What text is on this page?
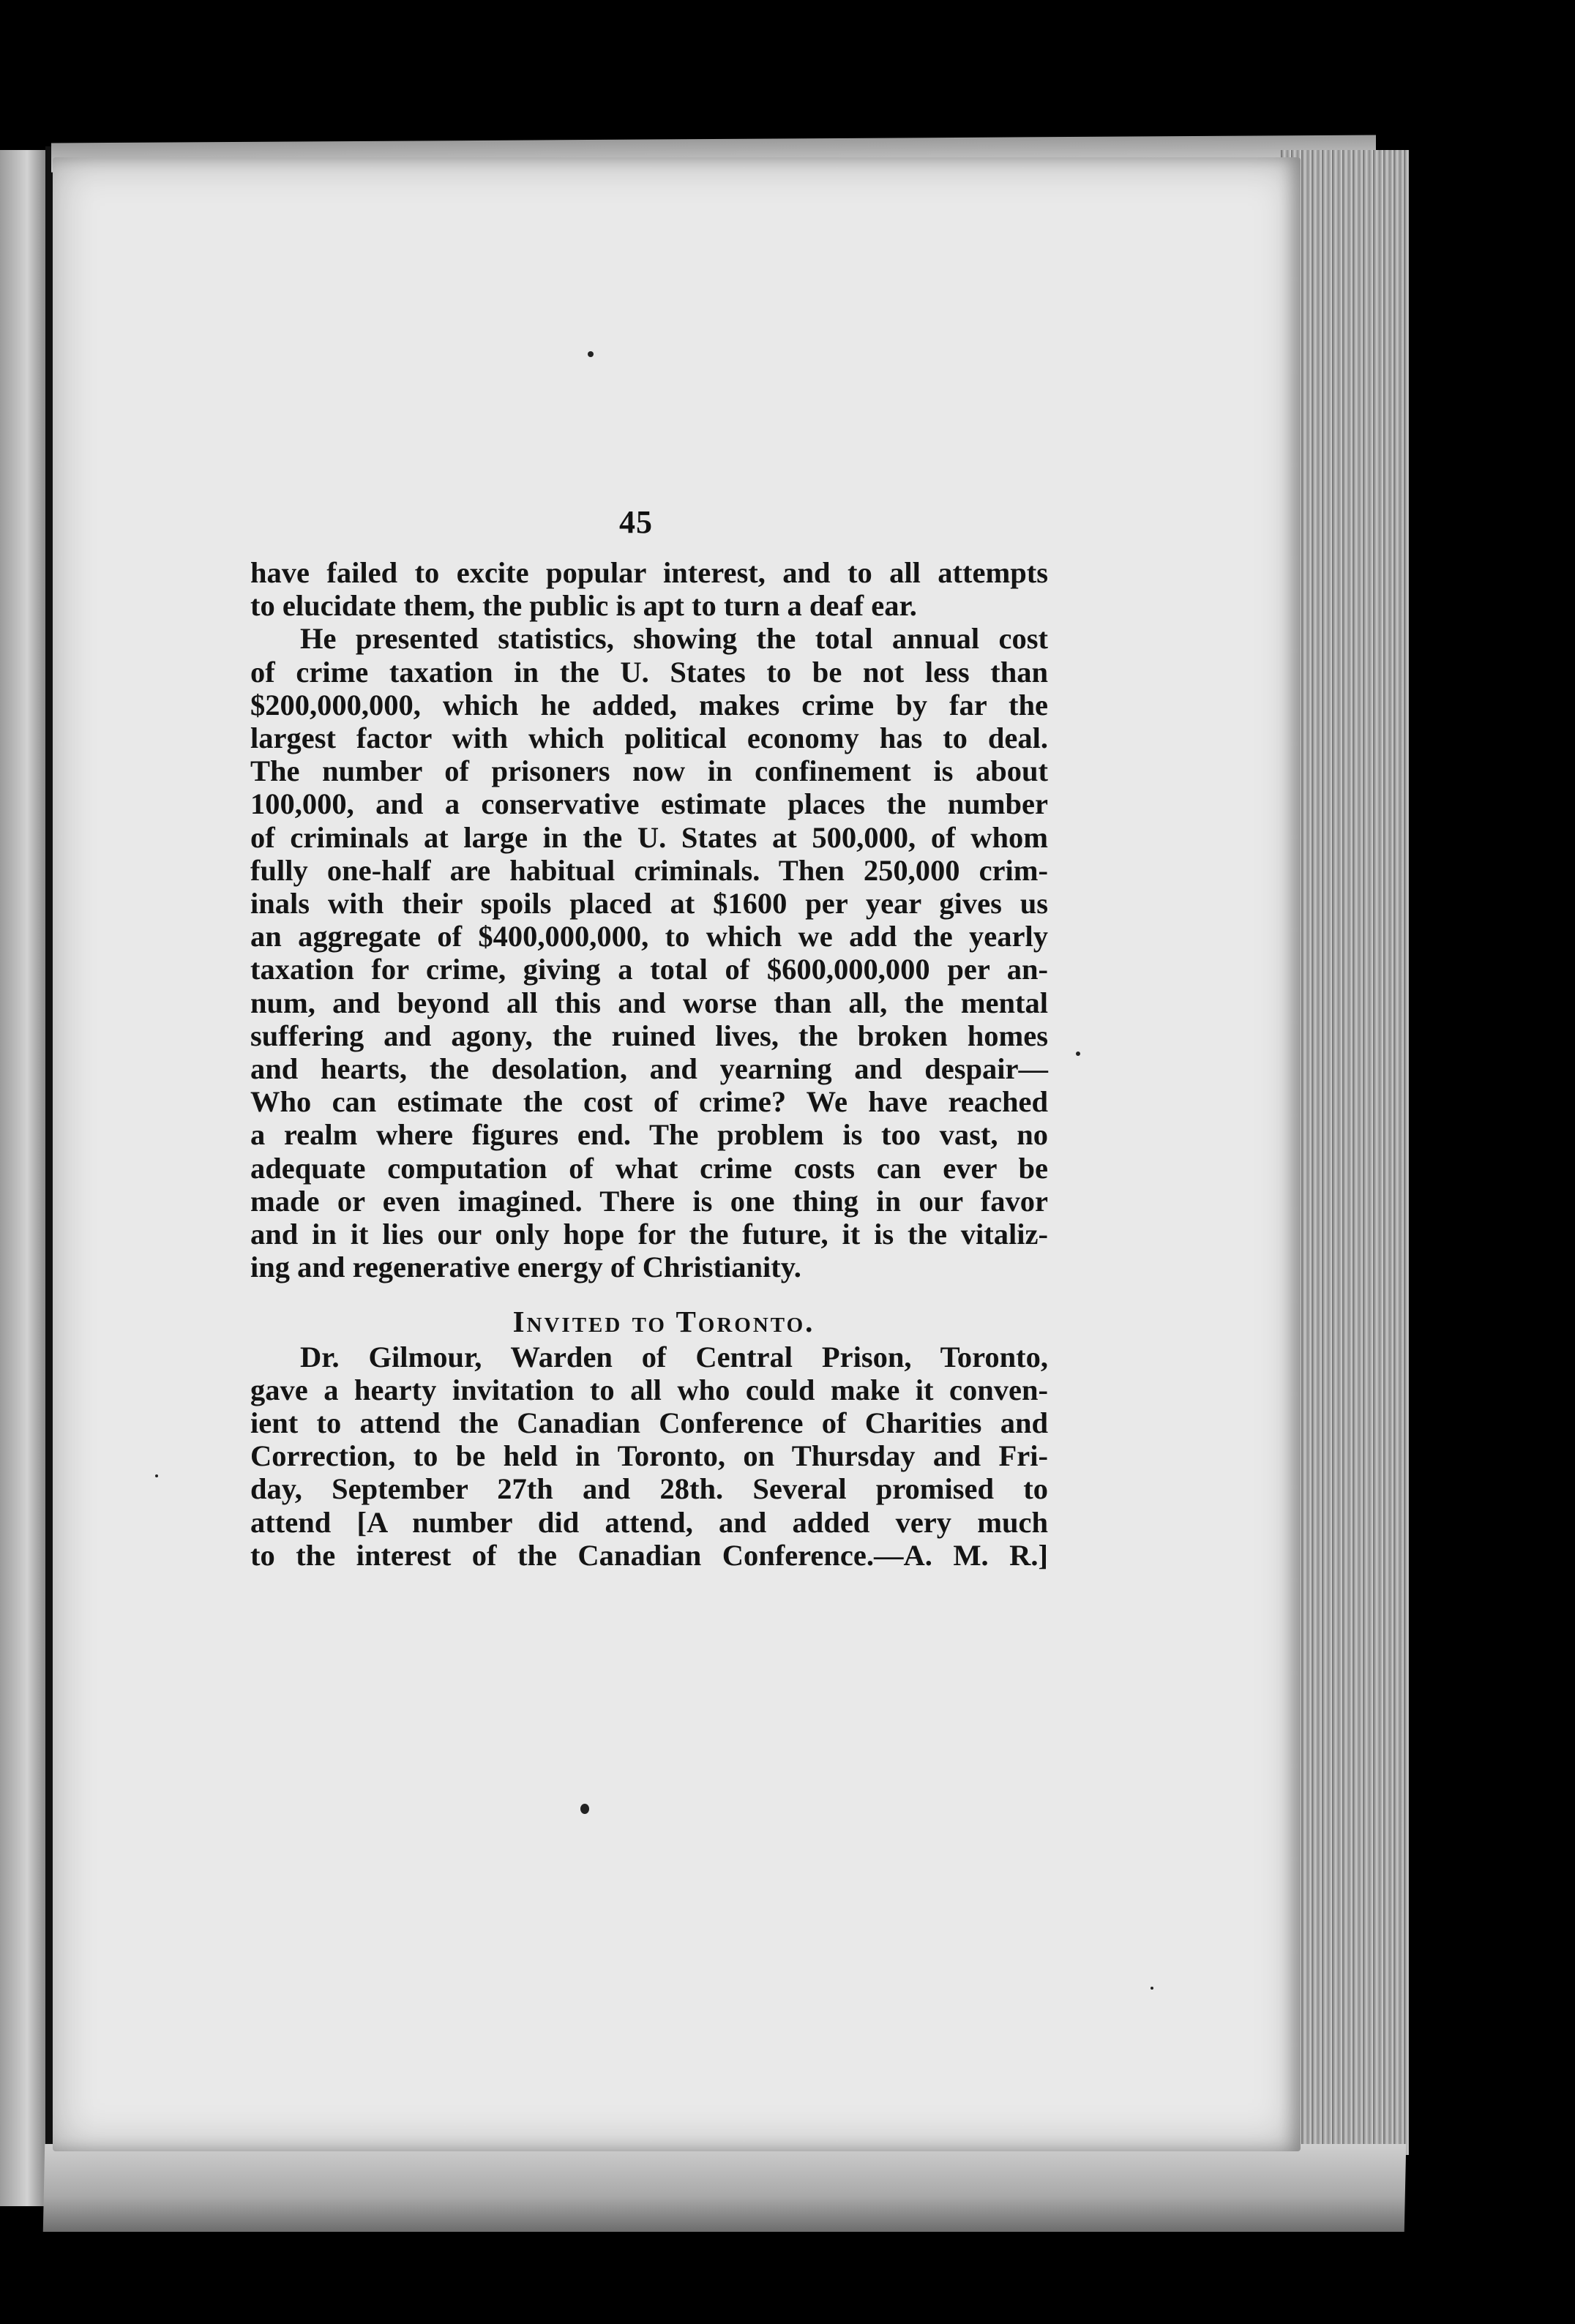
45
have failed to excite popular interest, and to all attempts
to elucidate them, the public is apt to turn a deaf ear.
He presented statistics, showing the total annual cost
of crime taxation in the U. States to be not less than
$200,000,000, which he added, makes crime by far the
largest factor with which political economy has to deal.
The number of prisoners now in confinement is about
100,000, and a conservative estimate places the number
of criminals at large in the U. States at 500,000, of whom
fully one-half are habitual criminals. Then 250,000 crim-
inals with their spoils placed at $1600 per year gives us
an aggregate of $400,000,000, to which we add the yearly
taxation for crime, giving a total of $600,000,000 per an-
num, and beyond all this and worse than all, the mental
suffering and agony, the ruined lives, the broken homes
and hearts, the desolation, and yearning and despair—
Who can estimate the cost of crime? We have reached
a realm where figures end. The problem is too vast, no
adequate computation of what crime costs can ever be
made or even imagined. There is one thing in our favor
and in it lies our only hope for the future, it is the vitaliz-
ing and regenerative energy of Christianity.
Invited to Toronto.
Dr. Gilmour, Warden of Central Prison, Toronto,
gave a hearty invitation to all who could make it conven-
ient to attend the Canadian Conference of Charities and
Correction, to be held in Toronto, on Thursday and Fri-
day, September 27th and 28th. Several promised to
attend [A number did attend, and added very much
to the interest of the Canadian Conference.—A. M. R.]
